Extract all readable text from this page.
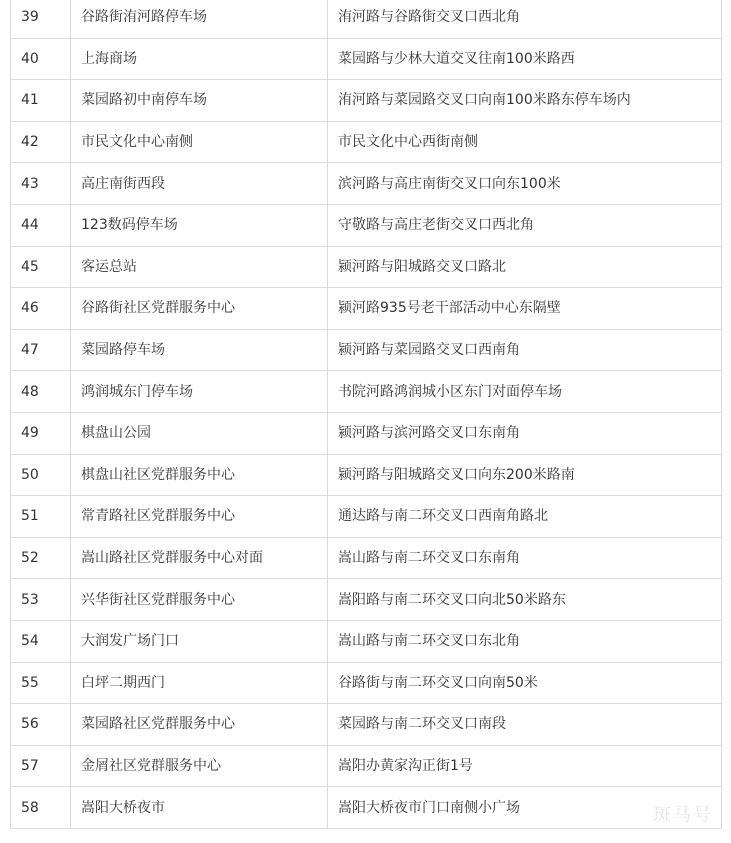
39	谷路街洧河路停车场	洧河路与谷路街交叉口西北角
40	上海商场	菜园路与少林大道交叉往南100米路西
41	菜园路初中南停车场	洧河路与菜园路交叉口向南100米路东停车场内
42	市民文化中心南侧	市民文化中心西街南侧
43	高庄南街西段	滨河路与高庄南街交叉口向东100米
44	123数码停车场	守敬路与高庄老街交叉口西北角
45	客运总站	颍河路与阳城路交叉口路北
46	谷路街社区党群服务中心	颍河路935号老干部活动中心东隔壁
47	菜园路停车场	颍河路与菜园路交叉口西南角
48	鸿润城东门停车场	书院河路鸿润城小区东门对面停车场
49	棋盘山公园	颍河路与滨河路交叉口东南角
50	棋盘山社区党群服务中心	颍河路与阳城路交叉口向东200米路南
51	常青路社区党群服务中心	通达路与南二环交叉口西南角路北
52	嵩山路社区党群服务中心对面	嵩山路与南二环交叉口东南角
53	兴华街社区党群服务中心	嵩阳路与南二环交叉口向北50米路东
54	大润发广场门口	嵩山路与南二环交叉口东北角
55	白坪二期西门	谷路街与南二环交叉口向南50米
56	菜园路社区党群服务中心	菜园路与南二环交叉口南段
57	金屑社区党群服务中心	嵩阳办黄家沟正街1号
58	嵩阳大桥夜市	嵩阳大桥夜市门口南侧小广场	斑马号
